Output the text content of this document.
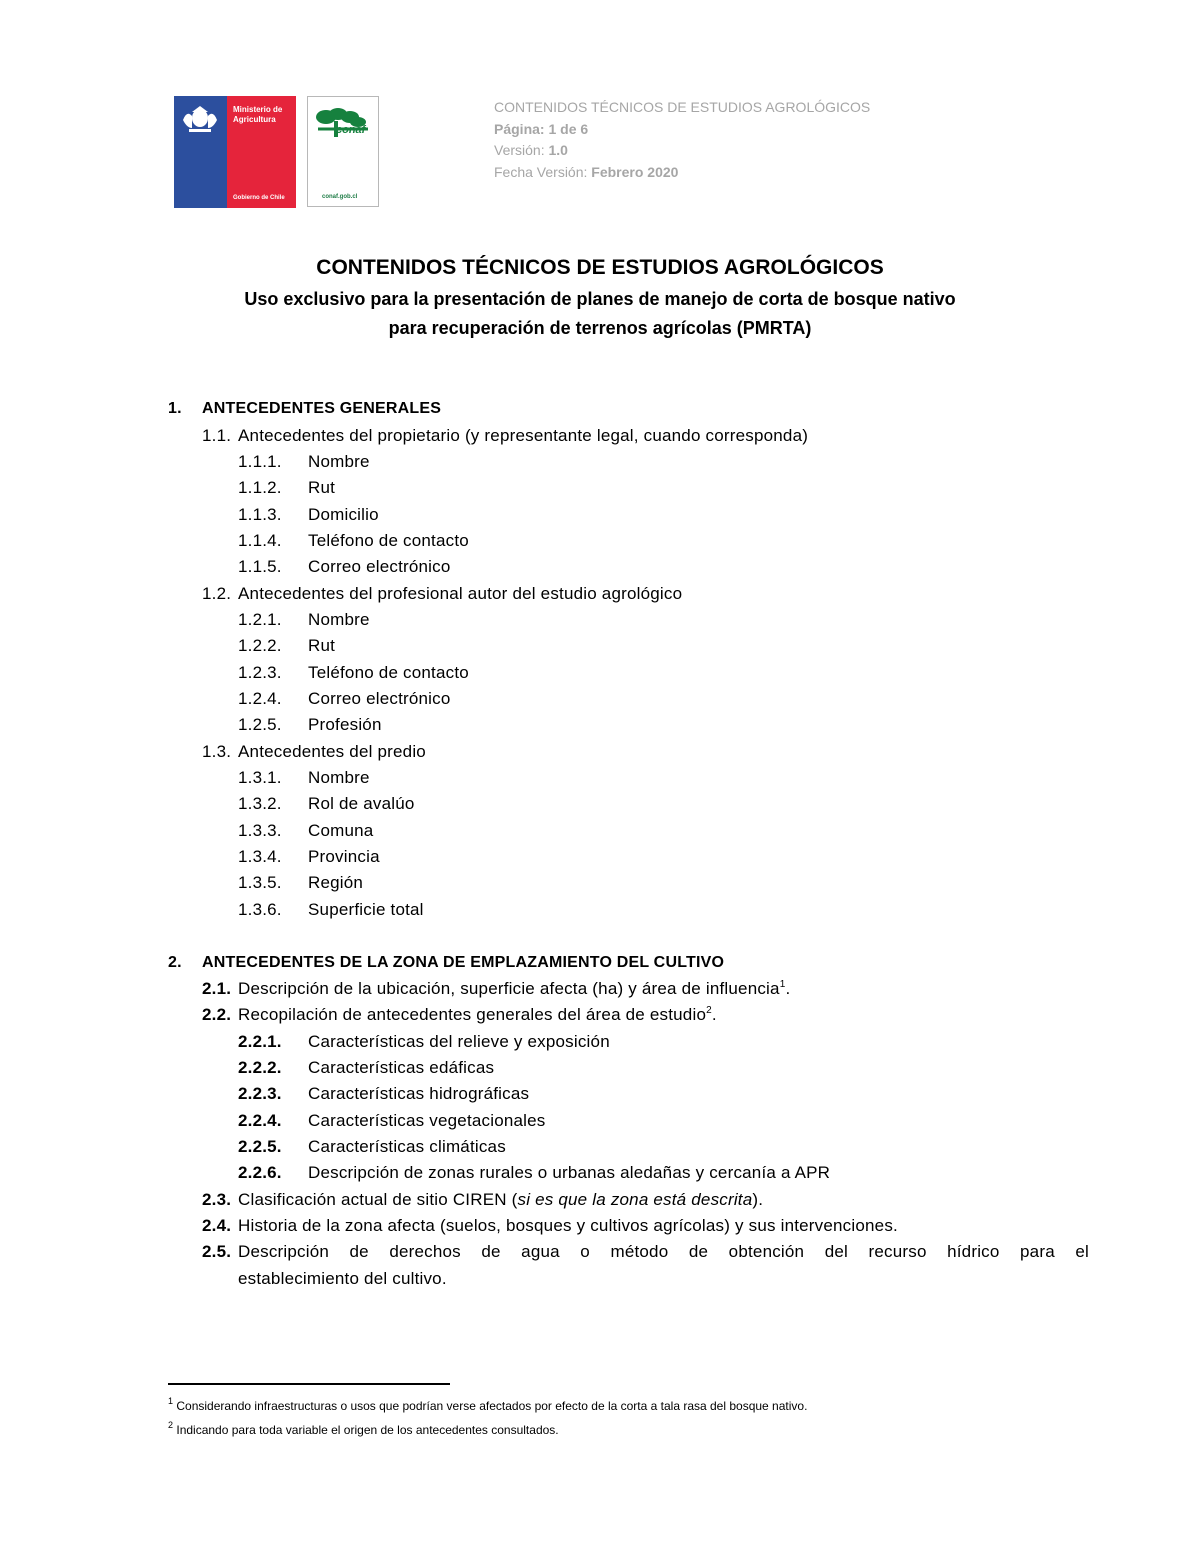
Ministerio de
Agricultura
Gobierno de Chile
conaf
conaf.gob.cl
CONTENIDOS TÉCNICOS DE ESTUDIOS AGROLÓGICOS
Página: 1 de 6
Versión: 1.0
Fecha Versión: Febrero 2020
CONTENIDOS TÉCNICOS DE ESTUDIOS AGROLÓGICOS
Uso exclusivo para la presentación de planes de manejo de corta de bosque nativo
para recuperación de terrenos agrícolas (PMRTA)
1. ANTECEDENTES GENERALES
1.1. Antecedentes del propietario (y representante legal, cuando corresponda)
1.1.1. Nombre
1.1.2. Rut
1.1.3. Domicilio
1.1.4. Teléfono de contacto
1.1.5. Correo electrónico
1.2. Antecedentes del profesional autor del estudio agrológico
1.2.1. Nombre
1.2.2. Rut
1.2.3. Teléfono de contacto
1.2.4. Correo electrónico
1.2.5. Profesión
1.3. Antecedentes del predio
1.3.1. Nombre
1.3.2. Rol de avalúo
1.3.3. Comuna
1.3.4. Provincia
1.3.5. Región
1.3.6. Superficie total
2. ANTECEDENTES DE LA ZONA DE EMPLAZAMIENTO DEL CULTIVO
2.1. Descripción de la ubicación, superficie afecta (ha) y área de influencia$^1$.
2.2. Recopilación de antecedentes generales del área de estudio$^2$.
2.2.1. Características del relieve y exposición
2.2.2. Características edáficas
2.2.3. Características hidrográficas
2.2.4. Características vegetacionales
2.2.5. Características climáticas
2.2.6. Descripción de zonas rurales o urbanas aledañas y cercanía a APR
2.3. Clasificación actual de sitio CIREN (si es que la zona está descrita).
2.4. Historia de la zona afecta (suelos, bosques y cultivos agrícolas) y sus intervenciones.
2.5. Descripción de derechos de agua o método de obtención del recurso hídrico para el
establecimiento del cultivo.
$^1$ Considerando infraestructuras o usos que podrían verse afectados por efecto de la corta a tala rasa del bosque nativo.
$^2$ Indicando para toda variable el origen de los antecedentes consultados.
